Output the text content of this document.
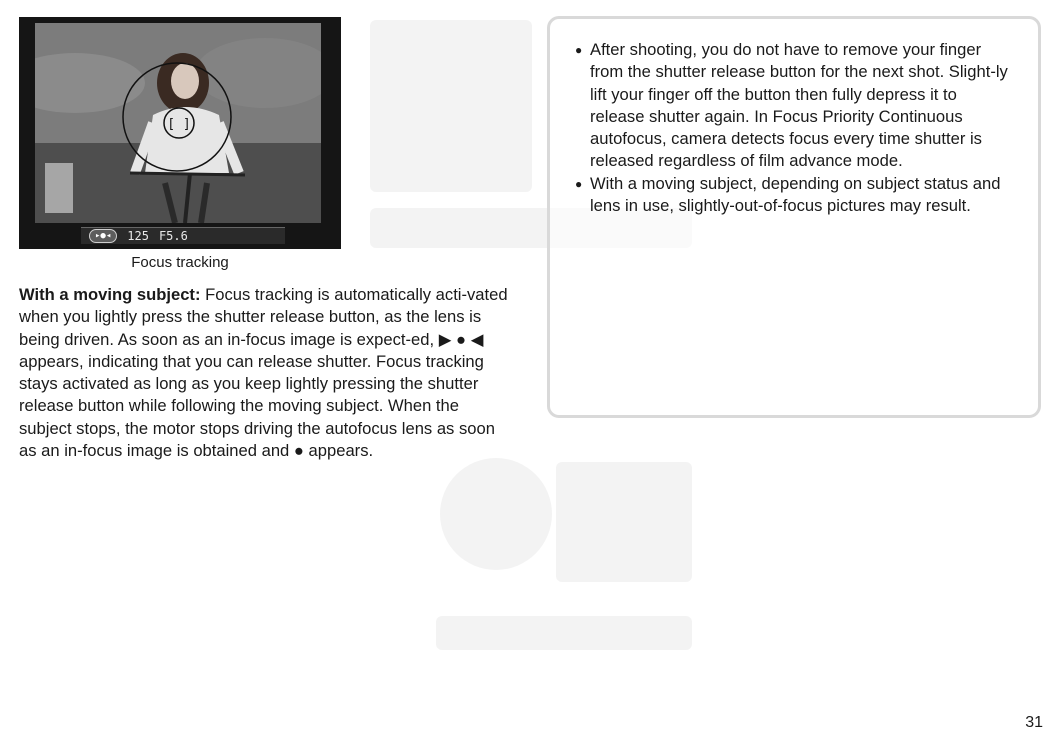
[ ]
▸●◂	125 F5.6
Focus tracking

With a moving subject: Focus tracking is automatically acti-vated when you lightly press the shutter release button, as the lens is being driven. As soon as an in-focus image is expect-ed, ▶ ● ◀ appears, indicating that you can release shutter. Focus tracking stays activated as long as you keep lightly pressing the shutter release button while following the moving subject. When the subject stops, the motor stops driving the autofocus lens as soon as an in-focus image is obtained and ● appears.

● After shooting, you do not have to remove your finger from the shutter release button for the next shot. Slight-ly lift your finger off the button then fully depress it to release shutter again. In Focus Priority Continuous autofocus, camera detects focus every time shutter is released regardless of film advance mode.
● With a moving subject, depending on subject status and lens in use, slightly-out-of-focus pictures may result.
31
